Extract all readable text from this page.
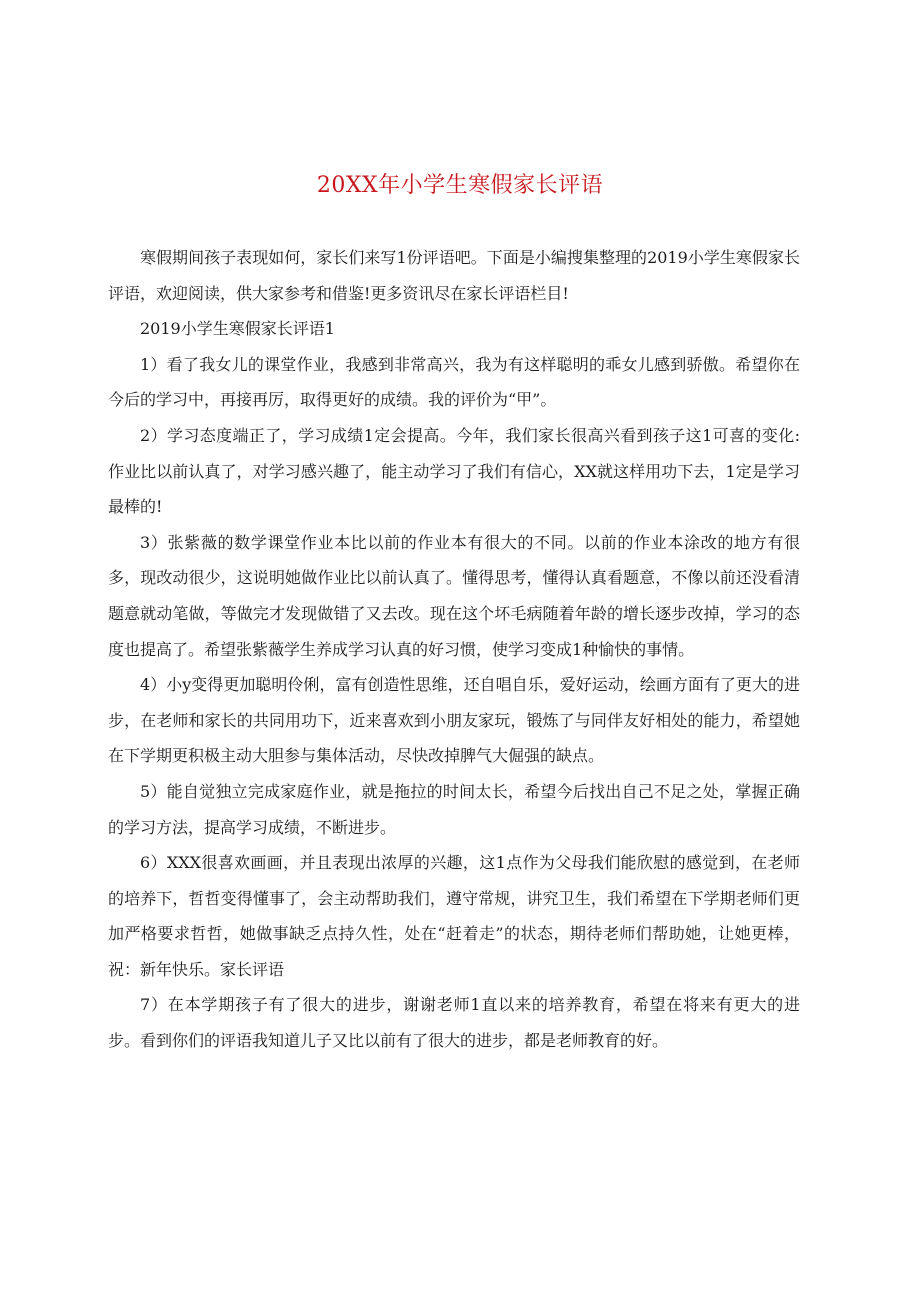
20XX年小学生寒假家长评语

寒假期间孩子表现如何，家长们来写1份评语吧。下面是小编搜集整理的2019小学生寒假家长评语，欢迎阅读，供大家参考和借鉴!更多资讯尽在家长评语栏目!

2019小学生寒假家长评语1

1）看了我女儿的课堂作业，我感到非常高兴，我为有这样聪明的乖女儿感到骄傲。希望你在今后的学习中，再接再厉，取得更好的成绩。我的评价为“甲”。

2）学习态度端正了，学习成绩1定会提高。今年，我们家长很高兴看到孩子这1可喜的变化: 作业比以前认真了，对学习感兴趣了，能主动学习了我们有信心，XX就这样用功下去，1定是学习最棒的!

3）张紫薇的数学课堂作业本比以前的作业本有很大的不同。以前的作业本涂改的地方有很多，现改动很少，这说明她做作业比以前认真了。懂得思考，懂得认真看题意，不像以前还没看清题意就动笔做，等做完才发现做错了又去改。现在这个坏毛病随着年龄的增长逐步改掉，学习的态度也提高了。希望张紫薇学生养成学习认真的好习惯，使学习变成1种愉快的事情。

4）小y变得更加聪明伶俐，富有创造性思维，还自唱自乐，爱好运动，绘画方面有了更大的进步，在老师和家长的共同用功下，近来喜欢到小朋友家玩，锻炼了与同伴友好相处的能力，希望她在下学期更积极主动大胆参与集体活动，尽快改掉脾气大倔强的缺点。

5）能自觉独立完成家庭作业，就是拖拉的时间太长，希望今后找出自己不足之处，掌握正确的学习方法，提高学习成绩，不断进步。

6）XXX很喜欢画画，并且表现出浓厚的兴趣，这1点作为父母我们能欣慰的感觉到，在老师的培养下，哲哲变得懂事了，会主动帮助我们，遵守常规，讲究卫生，我们希望在下学期老师们更加严格要求哲哲，她做事缺乏点持久性，处在“赶着走”的状态，期待老师们帮助她，让她更棒，祝：新年快乐。家长评语

7）在本学期孩子有了很大的进步，谢谢老师1直以来的培养教育，希望在将来有更大的进步。看到你们的评语我知道儿子又比以前有了很大的进步，都是老师教育的好。
